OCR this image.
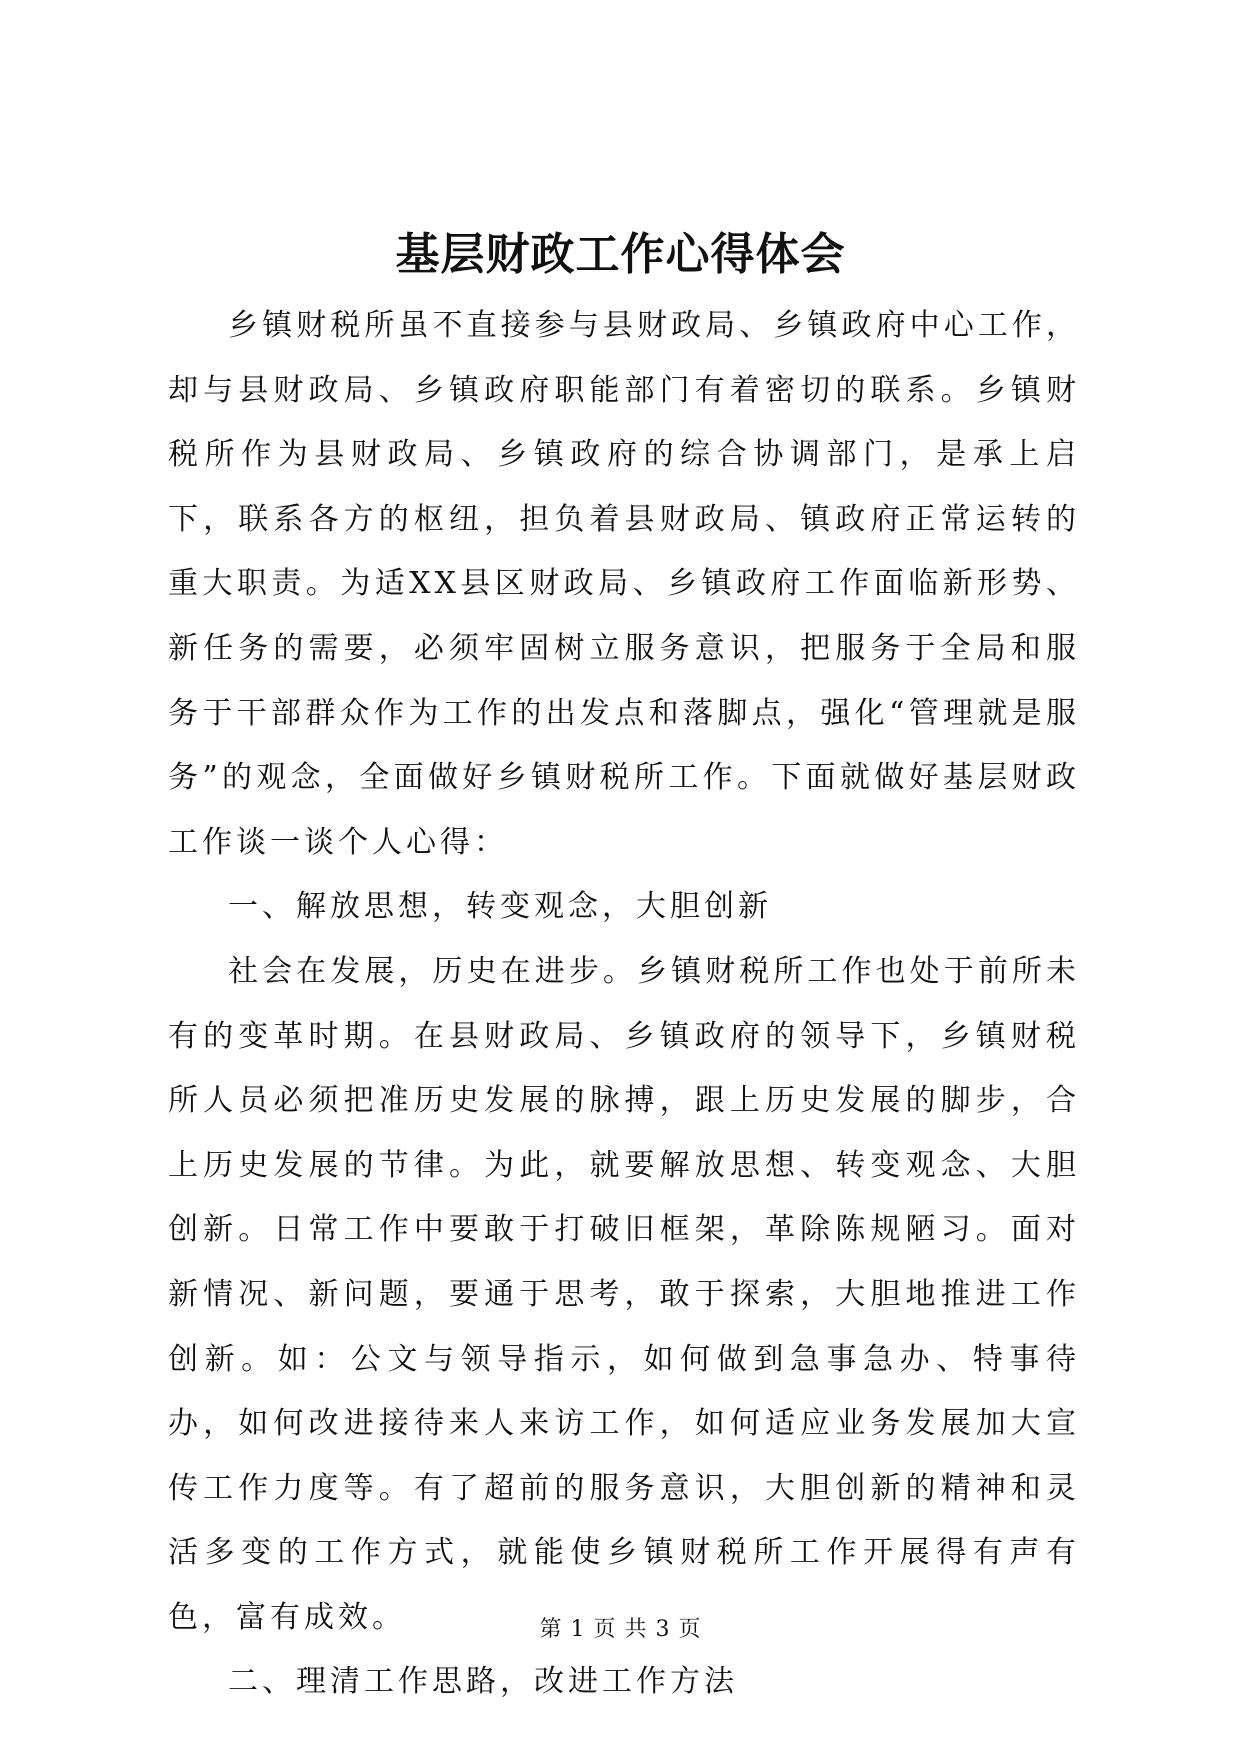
基层财政工作心得体会

乡镇财税所虽不直接参与县财政局、乡镇政府中心工作，却与县财政局、乡镇政府职能部门有着密切的联系。乡镇财税所作为县财政局、乡镇政府的综合协调部门，是承上启下，联系各方的枢纽，担负着县财政局、镇政府正常运转的重大职责。为适XX县区财政局、乡镇政府工作面临新形势、新任务的需要，必须牢固树立服务意识，把服务于全局和服务于干部群众作为工作的出发点和落脚点，强化“管理就是服务”的观念，全面做好乡镇财税所工作。下面就做好基层财政工作谈一谈个人心得：

一、解放思想，转变观念，大胆创新

社会在发展，历史在进步。乡镇财税所工作也处于前所未有的变革时期。在县财政局、乡镇政府的领导下，乡镇财税所人员必须把准历史发展的脉搏，跟上历史发展的脚步，合上历史发展的节律。为此，就要解放思想、转变观念、大胆创新。日常工作中要敢于打破旧框架，革除陈规陋习。面对新情况、新问题，要通于思考，敢于探索，大胆地推进工作创新。如：公文与领导指示，如何做到急事急办、特事待办，如何改进接待来人来访工作，如何适应业务发展加大宣传工作力度等。有了超前的服务意识，大胆创新的精神和灵活多变的工作方式，就能使乡镇财税所工作开展得有声有色，富有成效。

二、理清工作思路，改进工作方法

第 1 页 共 3 页
